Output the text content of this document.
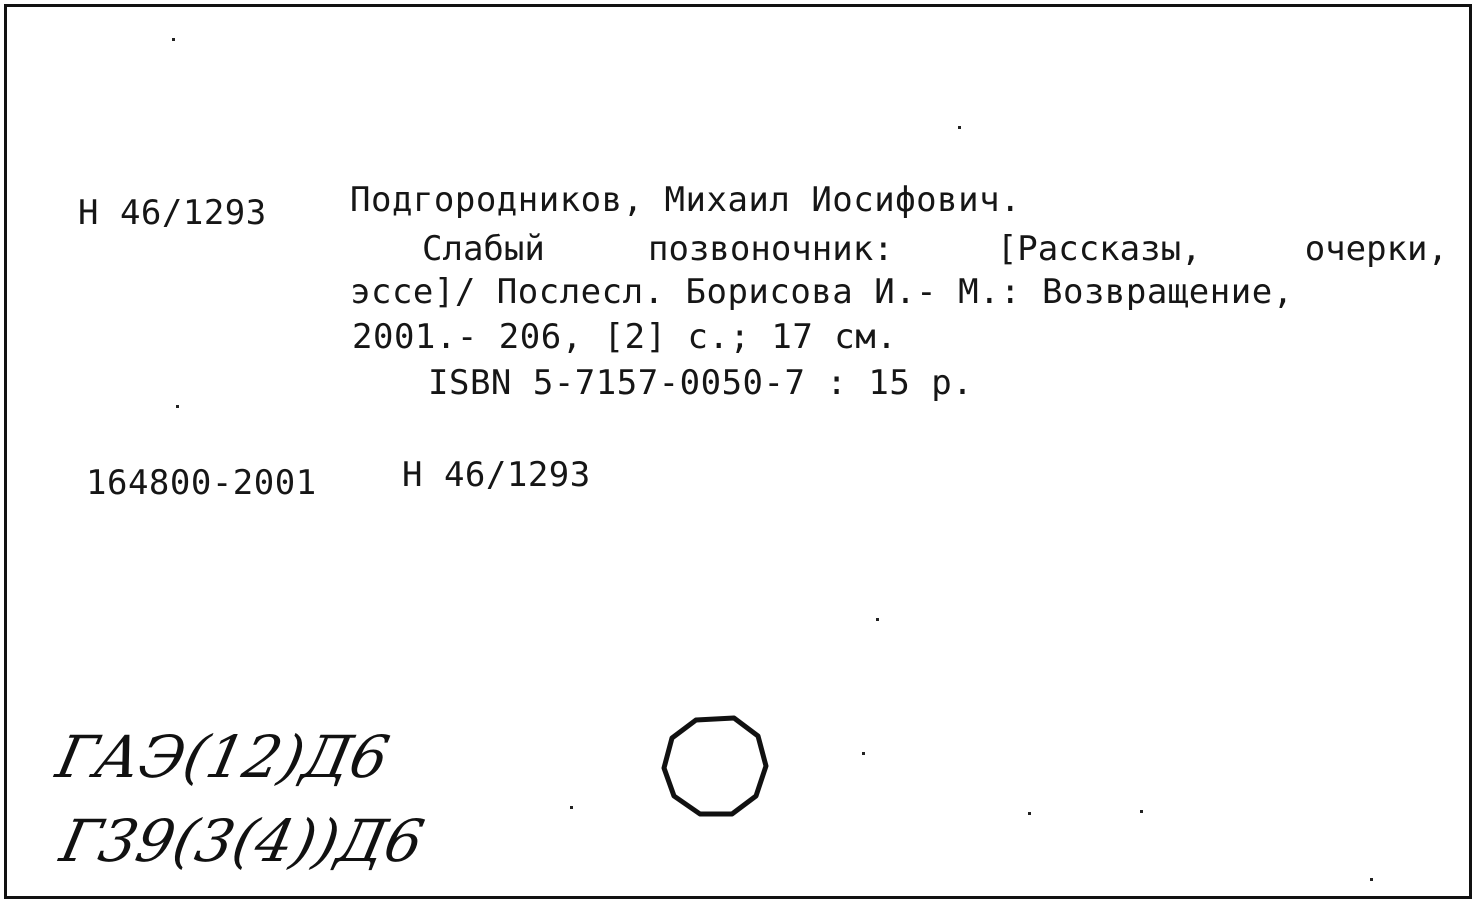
Н 46/1293 Подгородников, Михаил Иосифович.
Слабый	позвоночник:	[Рассказы,	очерки,
эссе]/ Послесл. Борисова И.- М.: Возвращение,
2001.- 206, [2] с.; 17 см.
ISBN 5-7157-0050-7 : 15 р.
164800-2001	Н 46/1293
ГАЭ(12)Д6
Г39(3(4))Д6
